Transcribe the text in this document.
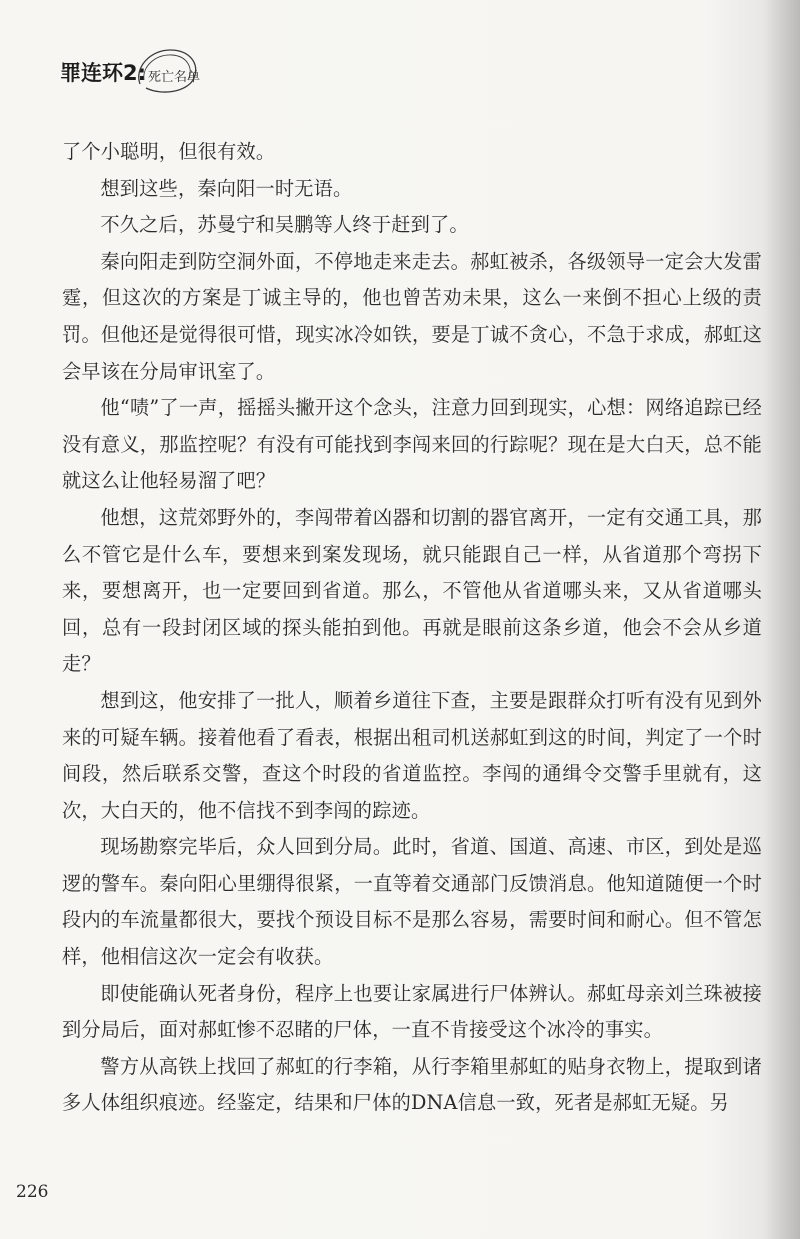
罪连环2: 死亡名单

了个小聪明，但很有效。

想到这些，秦向阳一时无语。

不久之后，苏曼宁和吴鹏等人终于赶到了。

秦向阳走到防空洞外面，不停地走来走去。郝虹被杀，各级领导一定会大发雷霆，但这次的方案是丁诚主导的，他也曾苦劝未果，这么一来倒不担心上级的责罚。但他还是觉得很可惜，现实冰冷如铁，要是丁诚不贪心，不急于求成，郝虹这会早该在分局审讯室了。

他“啧”了一声，摇摇头撇开这个念头，注意力回到现实，心想：网络追踪已经没有意义，那监控呢？有没有可能找到李闯来回的行踪呢？现在是大白天，总不能就这么让他轻易溜了吧？

他想，这荒郊野外的，李闯带着凶器和切割的器官离开，一定有交通工具，那么不管它是什么车，要想来到案发现场，就只能跟自己一样，从省道那个弯拐下来，要想离开，也一定要回到省道。那么，不管他从省道哪头来，又从省道哪头回，总有一段封闭区域的探头能拍到他。再就是眼前这条乡道，他会不会从乡道走？

想到这，他安排了一批人，顺着乡道往下查，主要是跟群众打听有没有见到外来的可疑车辆。接着他看了看表，根据出租司机送郝虹到这的时间，判定了一个时间段，然后联系交警，查这个时段的省道监控。李闯的通缉令交警手里就有，这次，大白天的，他不信找不到李闯的踪迹。

现场勘察完毕后，众人回到分局。此时，省道、国道、高速、市区，到处是巡逻的警车。秦向阳心里绷得很紧，一直等着交通部门反馈消息。他知道随便一个时段内的车流量都很大，要找个预设目标不是那么容易，需要时间和耐心。但不管怎样，他相信这次一定会有收获。

即使能确认死者身份，程序上也要让家属进行尸体辨认。郝虹母亲刘兰珠被接到分局后，面对郝虹惨不忍睹的尸体，一直不肯接受这个冰冷的事实。

警方从高铁上找回了郝虹的行李箱，从行李箱里郝虹的贴身衣物上，提取到诸多人体组织痕迹。经鉴定，结果和尸体的DNA信息一致，死者是郝虹无疑。另

226
